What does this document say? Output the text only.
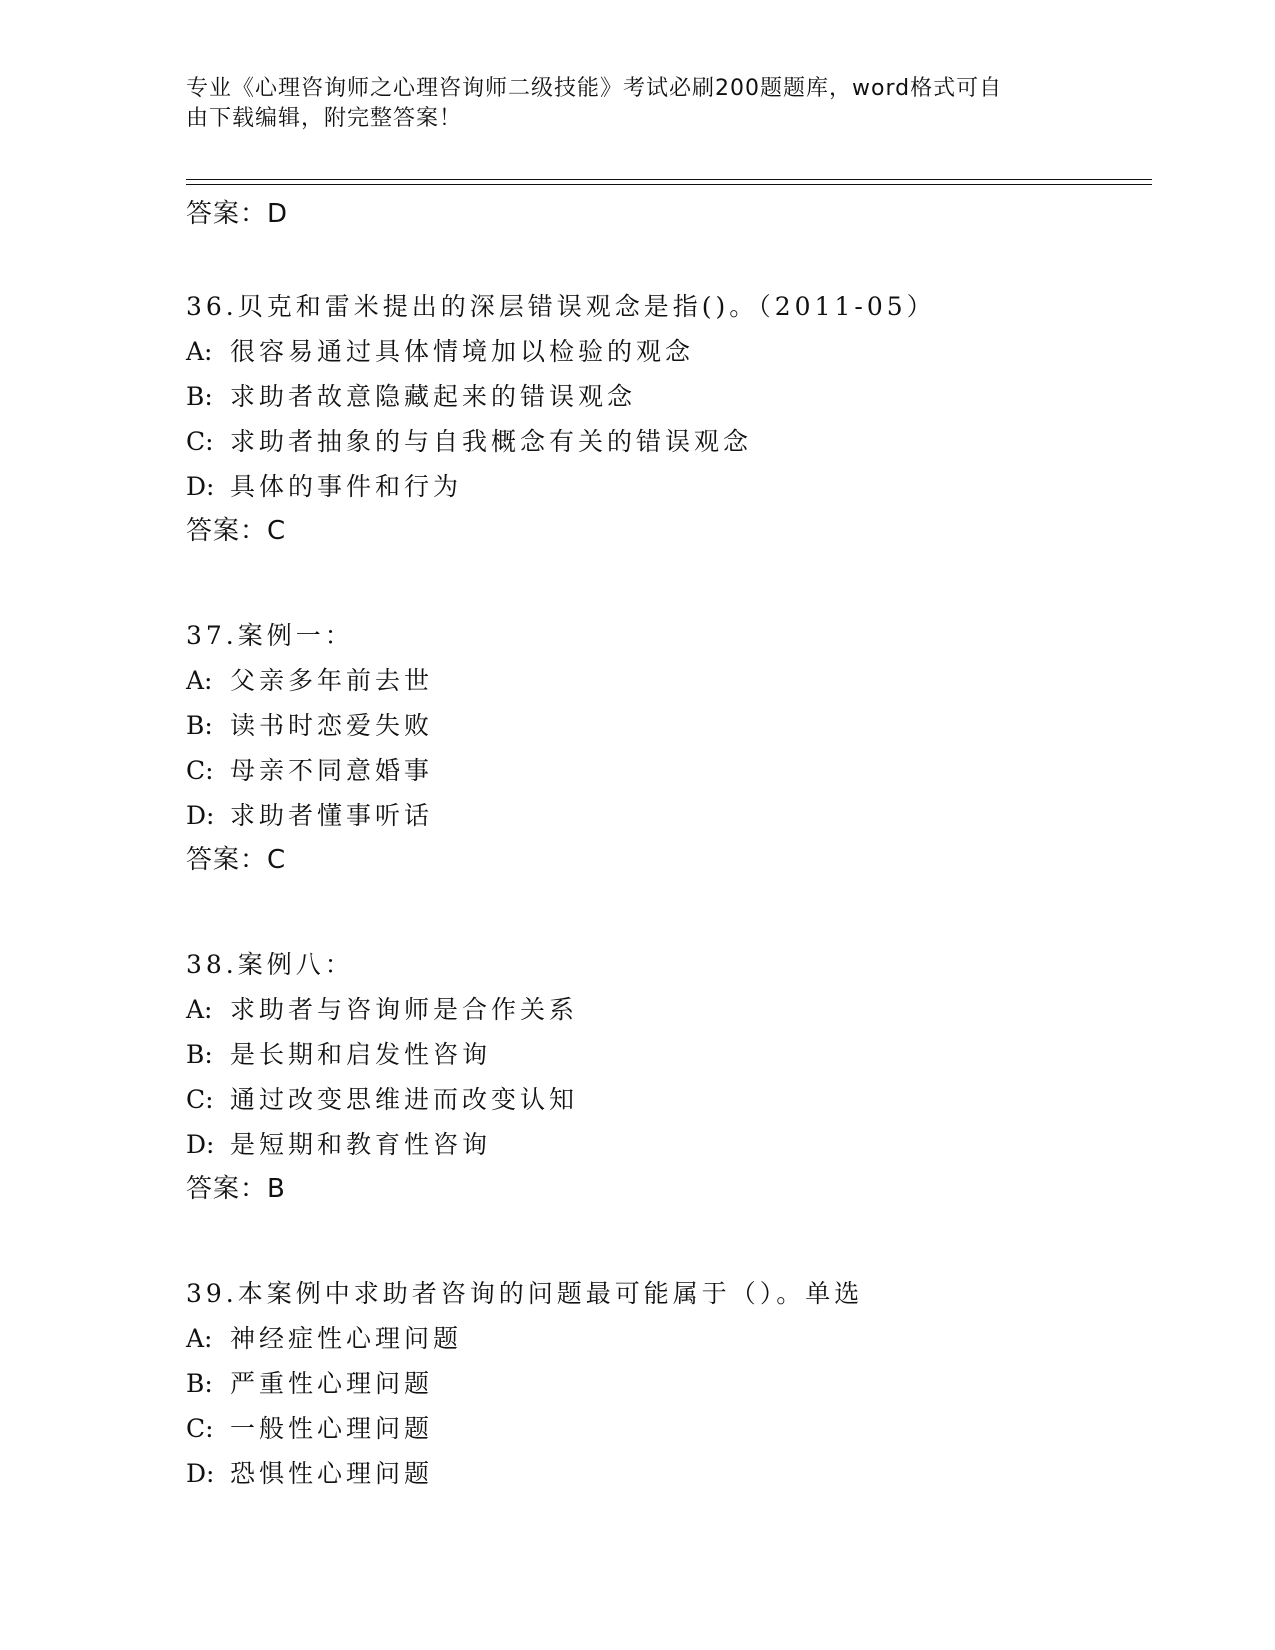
专业《心理咨询师之心理咨询师二级技能》考试必刷200题题库，word格式可自
由下载编辑，附完整答案！
答案：D
36.贝克和雷米提出的深层错误观念是指()。（2011-05）
A: 很容易通过具体情境加以检验的观念
B: 求助者故意隐藏起来的错误观念
C: 求助者抽象的与自我概念有关的错误观念
D: 具体的事件和行为
答案：C
37.案例一：
A: 父亲多年前去世
B: 读书时恋爱失败
C: 母亲不同意婚事
D: 求助者懂事听话
答案：C
38.案例八：
A: 求助者与咨询师是合作关系
B: 是长期和启发性咨询
C: 通过改变思维进而改变认知
D: 是短期和教育性咨询
答案：B
39.本案例中求助者咨询的问题最可能属于（）。单选
A: 神经症性心理问题
B: 严重性心理问题
C: 一般性心理问题
D: 恐惧性心理问题
